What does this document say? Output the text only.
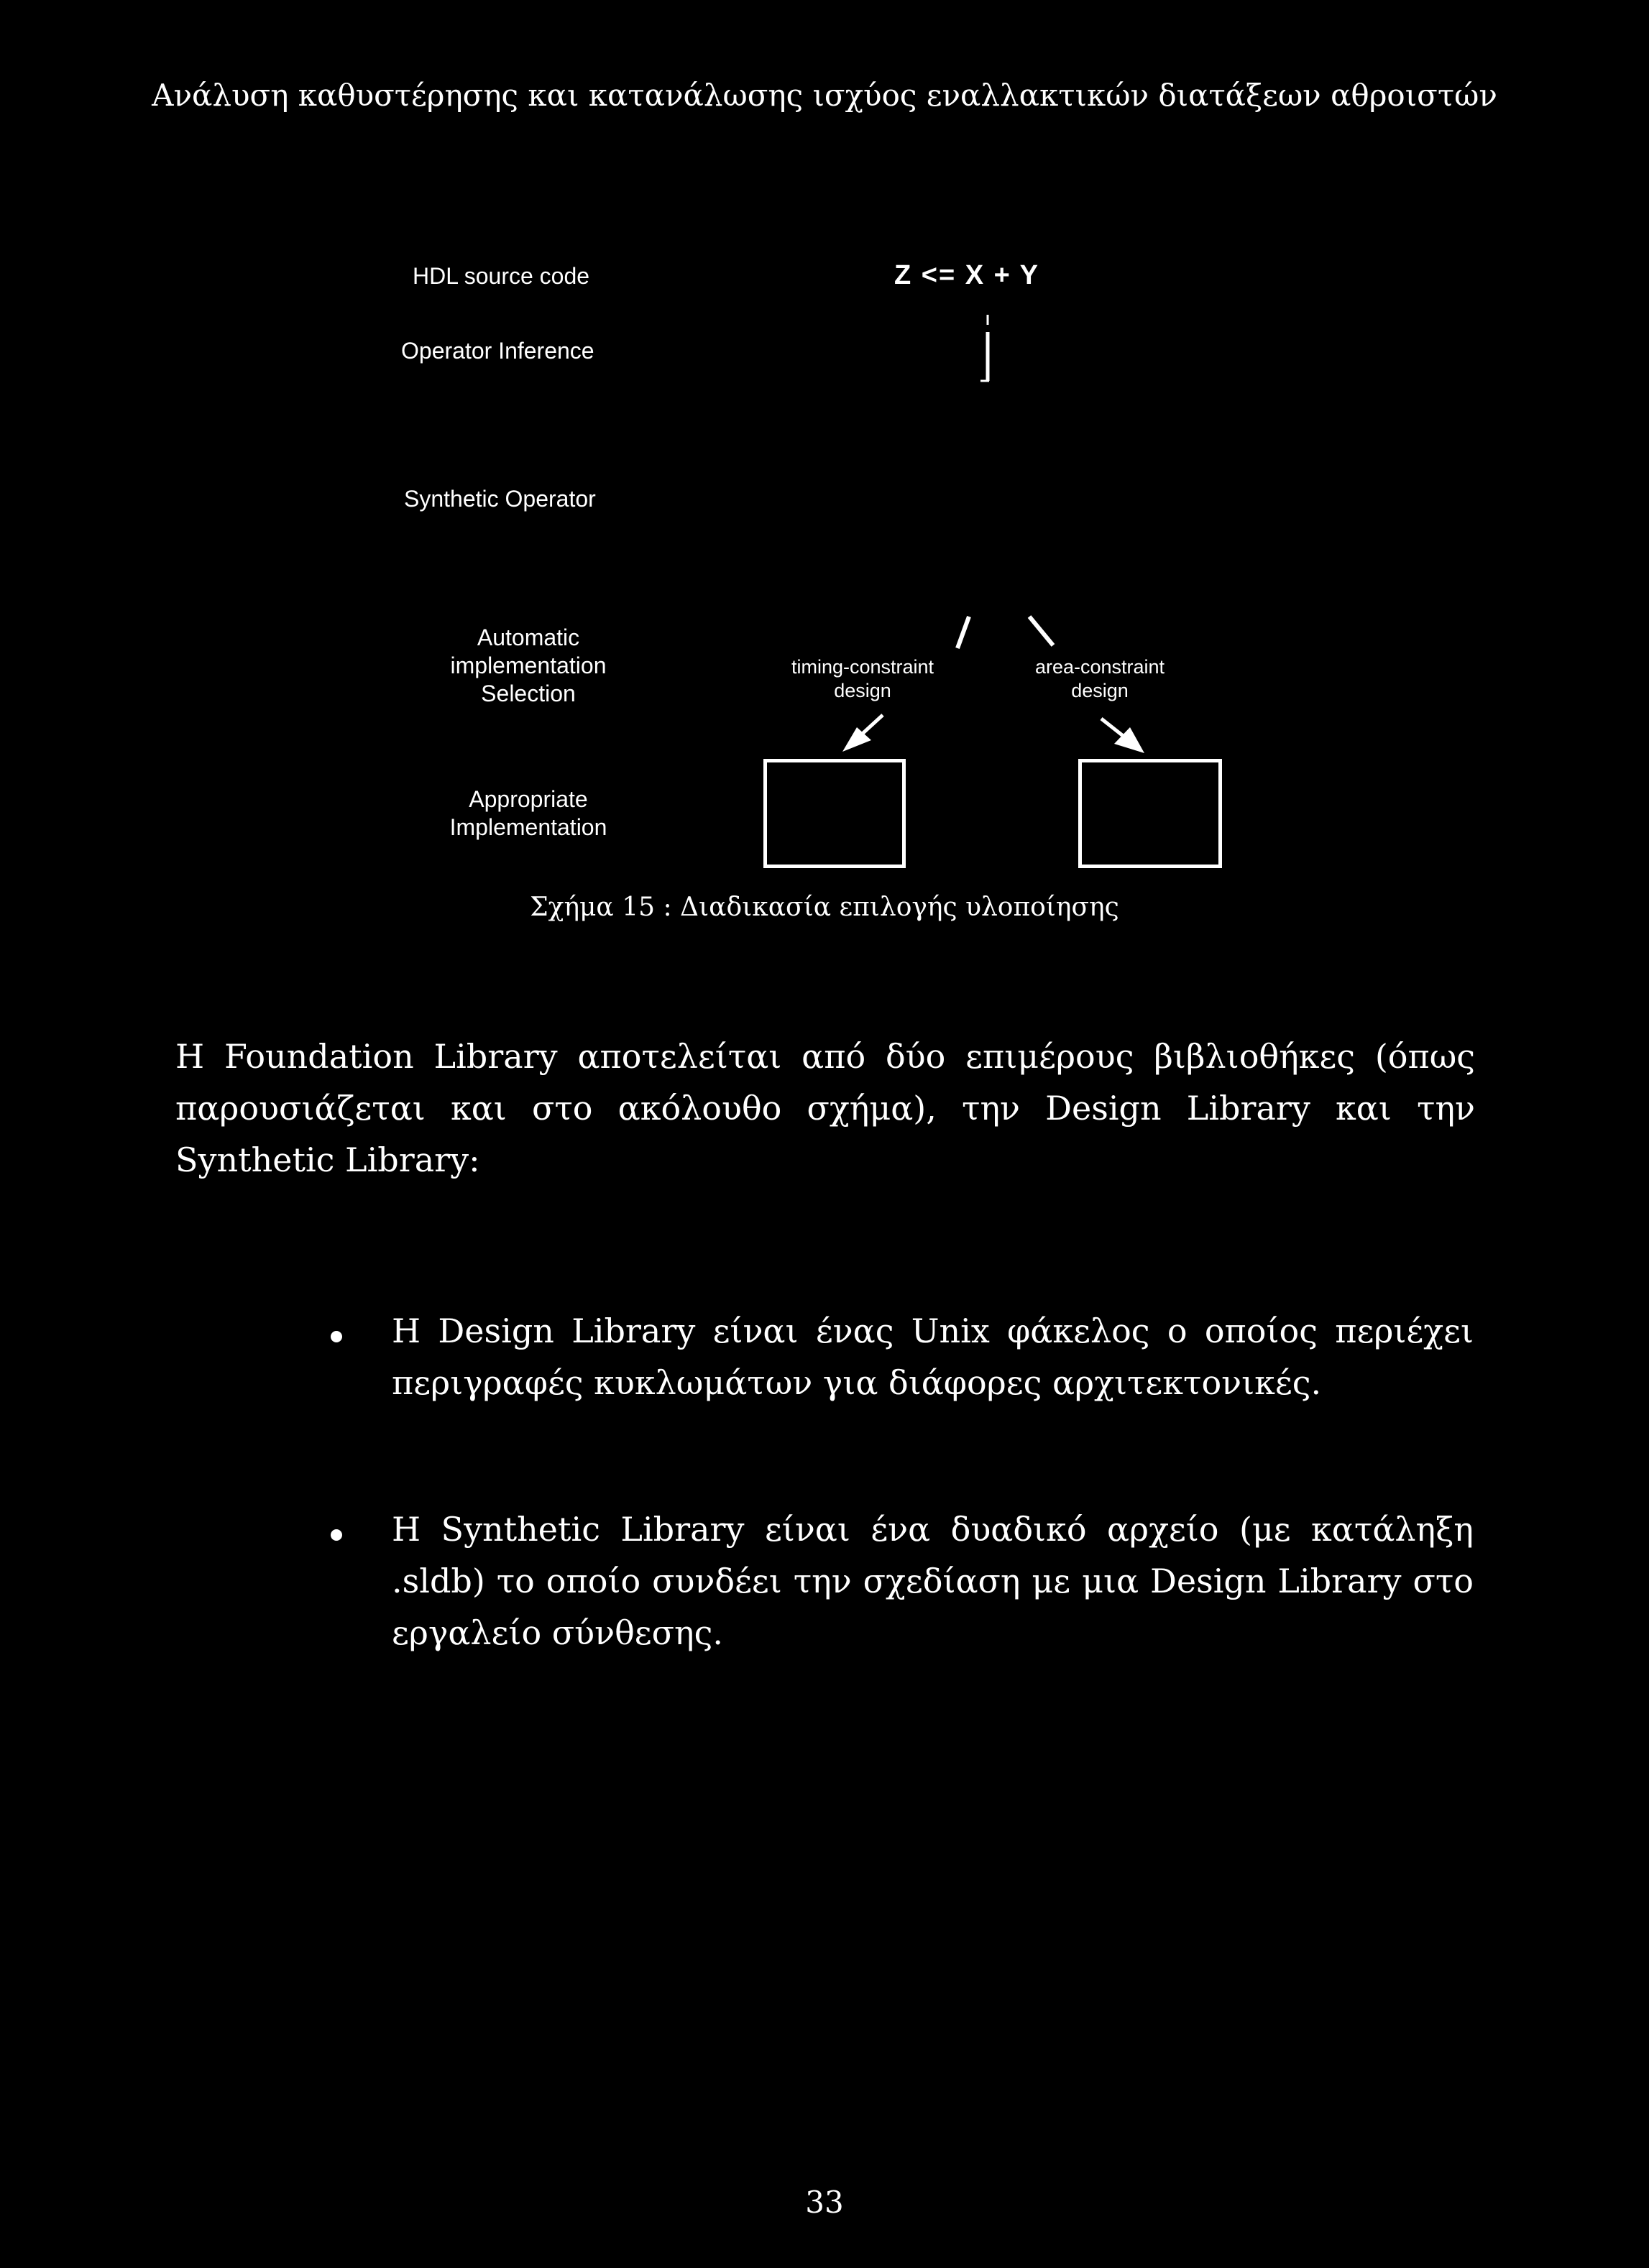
Ανάλυση καθυστέρησης και κατανάλωσης ισχύος εναλλακτικών διατάξεων αθροιστών
HDL source code	Z <= X + Y
Operator Inference
Synthetic Operator
Automatic
implementation
Selection
timing-constraint
design
area-constraint
design
Appropriate
Implementation
Σχήμα 15 : Διαδικασία επιλογής υλοποίησης
Η Foundation Library αποτελείται από δύο επιμέρους βιβλιοθήκες (όπως παρουσιάζεται και στο ακόλουθο σχήμα), την Design Library και την Synthetic Library:
Η Design Library είναι ένας Unix φάκελος ο οποίος περιέχει περιγραφές κυκλωμάτων για διάφορες αρχιτεκτονικές.
Η Synthetic Library είναι ένα δυαδικό αρχείο (με κατάληξη .sldb) το οποίο συνδέει την σχεδίαση με μια Design Library στο εργαλείο σύνθεσης.
33
